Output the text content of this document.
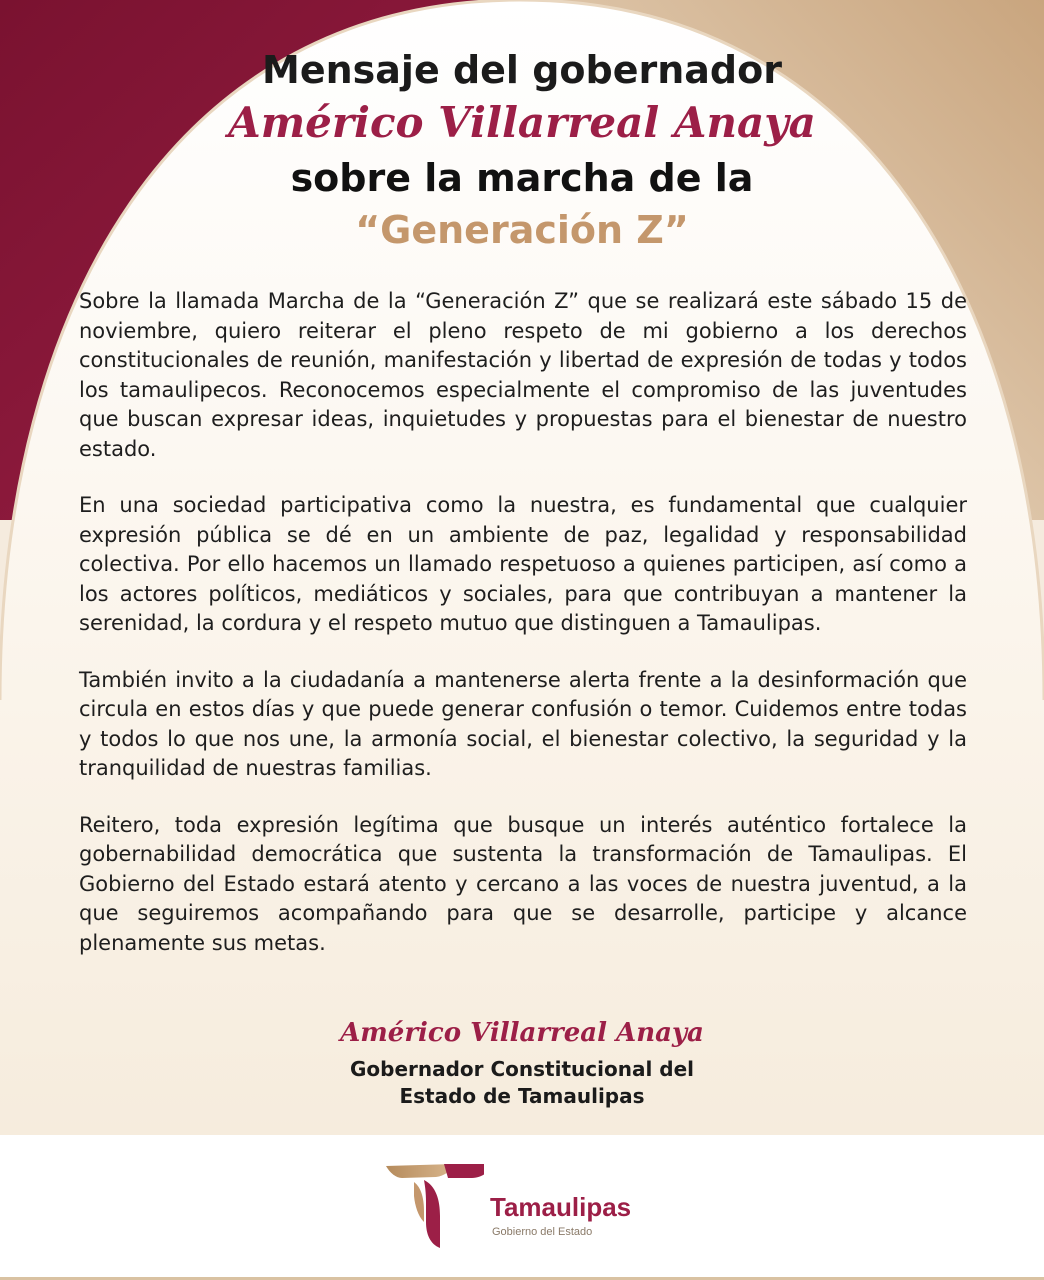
Mensaje del gobernador
Américo Villarreal Anaya
sobre la marcha de la
“Generación Z”

Sobre la llamada Marcha de la “Generación Z” que se realizará este sábado 15 de noviembre, quiero reiterar el pleno respeto de mi gobierno a los derechos constitucionales de reunión, manifestación y libertad de expresión de todas y todos los tamaulipecos. Reconocemos especialmente el compromiso de las juventudes que buscan expresar ideas, inquietudes y propuestas para el bienestar de nuestro estado.

En una sociedad participativa como la nuestra, es fundamental que cualquier expresión pública se dé en un ambiente de paz, legalidad y responsabilidad colectiva. Por ello hacemos un llamado respetuoso a quienes participen, así como a los actores políticos, mediáticos y sociales, para que contribuyan a mantener la serenidad, la cordura y el respeto mutuo que distinguen a Tamaulipas.

También invito a la ciudadanía a mantenerse alerta frente a la desinformación que circula en estos días y que puede generar confusión o temor. Cuidemos entre todas y todos lo que nos une, la armonía social, el bienestar colectivo, la seguridad y la tranquilidad de nuestras familias.

Reitero, toda expresión legítima que busque un interés auténtico fortalece la gobernabilidad democrática que sustenta la transformación de Tamaulipas. El Gobierno del Estado estará atento y cercano a las voces de nuestra juventud, a la que seguiremos acompañando para que se desarrolle, participe y alcance plenamente sus metas.

Américo Villarreal Anaya

Gobernador Constitucional del
Estado de Tamaulipas

Tamaulipas

Gobierno del Estado
